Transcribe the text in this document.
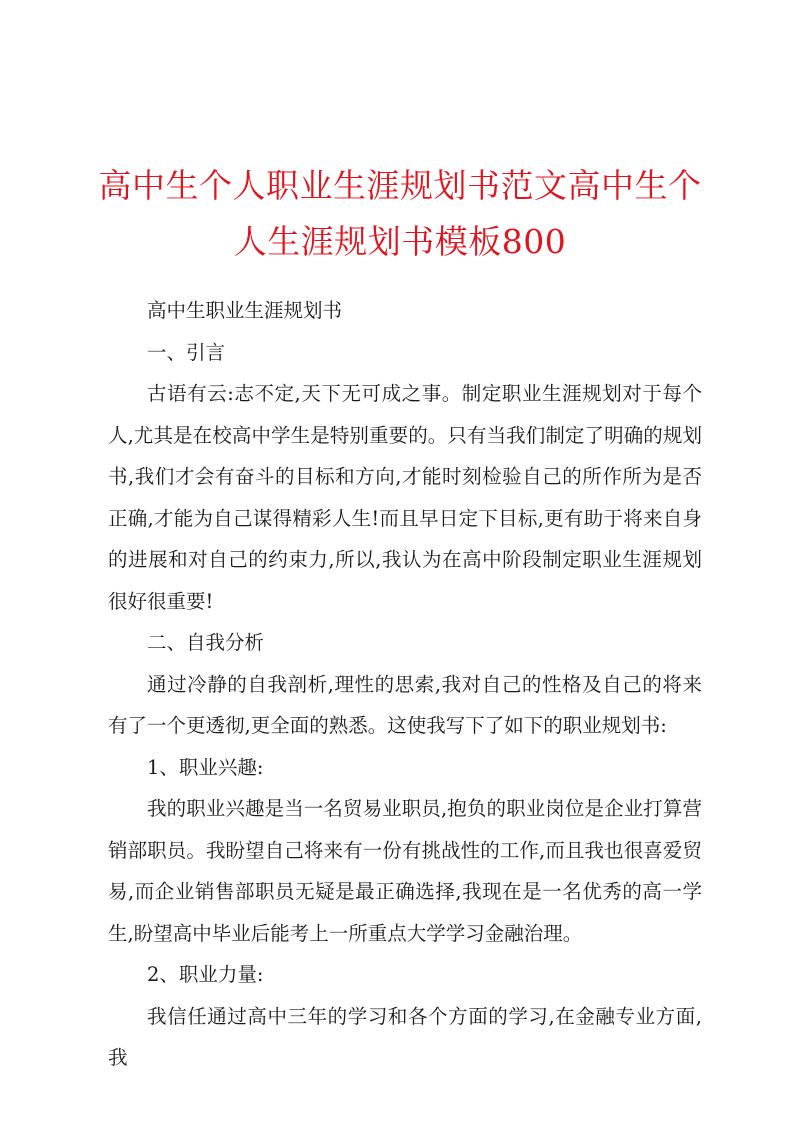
高中生个人职业生涯规划书范文高中生个人生涯规划书模板800

高中生职业生涯规划书

一、引言

古语有云:志不定,天下无可成之事。制定职业生涯规划对于每个人,尤其是在校高中学生是特别重要的。只有当我们制定了明确的规划书,我们才会有奋斗的目标和方向,才能时刻检验自己的所作所为是否正确,才能为自己谋得精彩人生!而且早日定下目标,更有助于将来自身的进展和对自己的约束力,所以,我认为在高中阶段制定职业生涯规划很好很重要!

二、自我分析

通过冷静的自我剖析,理性的思索,我对自己的性格及自己的将来有了一个更透彻,更全面的熟悉。这使我写下了如下的职业规划书:

1、职业兴趣:

我的职业兴趣是当一名贸易业职员,抱负的职业岗位是企业打算营销部职员。我盼望自己将来有一份有挑战性的工作,而且我也很喜爱贸易,而企业销售部职员无疑是最正确选择,我现在是一名优秀的高一学生,盼望高中毕业后能考上一所重点大学学习金融治理。

2、职业力量:

我信任通过高中三年的学习和各个方面的学习,在金融专业方面,我
